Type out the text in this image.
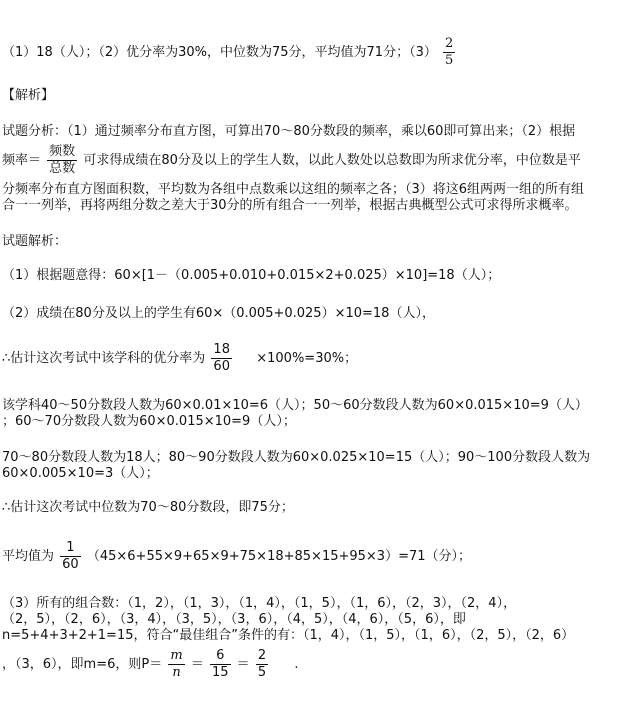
（1）18（人）；（2）优分率为30%，中位数为75分，平均值为71分；$(3) \frac{2}{5}$
【解析】
试题分析：（1）通过频率分布直方图，可算出70～80分数段的频率，乘以60即可算出来；（2）根据
频率＝ $\frac{\text{频数}}{\text{总数}}$ 可求得成绩在80分及以上的学生人数，以此人数处以总数即为所求优分率，中位数是平
分频率分布直方图面积数，平均数为各组中点数乘以这组的频率之各；（3）将这6组两两一组的所有组
合一一列举，再将两组分数之差大于30分的所有组合一一列举，根据古典概型公式可求得所求概率。
试题解析：
（1）根据题意得：60×[1－（0.005+0.010+0.015×2+0.025）×10]=18（人）；
（2）成绩在80分及以上的学生有60×（0.005+0.025）×10=18（人），
∴估计这次考试中该学科的优分率为 $\frac{18}{60} \times 100\%=30\%$；
该学科40～50分数段人数为60×0.01×10=6（人）；50～60分数段人数为60×0.015×10=9（人）
；60～70分数段人数为60×0.015×10=9（人）；
70～80分数段人数为18人；80～90分数段人数为60×0.025×10=15（人）；90～100分数段人数为
60×0.005×10=3（人）；
∴估计这次考试中位数为70～80分数段，即75分；
平均值为 $\frac{1}{60} (45\times 6+55\times 9+65\times 9+75\times 18+85\times 15+95\times 3)=71$（分）；
（3）所有的组合数：（1，2），（1，3），（1，4），（1，5），（1，6），（2，3），（2，4），
（2，5），（2，6），（3，4），（3，5），（3，6），（4，5），（4，6），（5，6），即
n=5+4+3+2+1=15，符合“最佳组合”条件的有：（1，4），（1，5），（1，6），（2，5），（2，6）
，（3，6），即m=6，则$P= \frac{m}{n} = \frac{6}{15} = \frac{2}{5}$ .
